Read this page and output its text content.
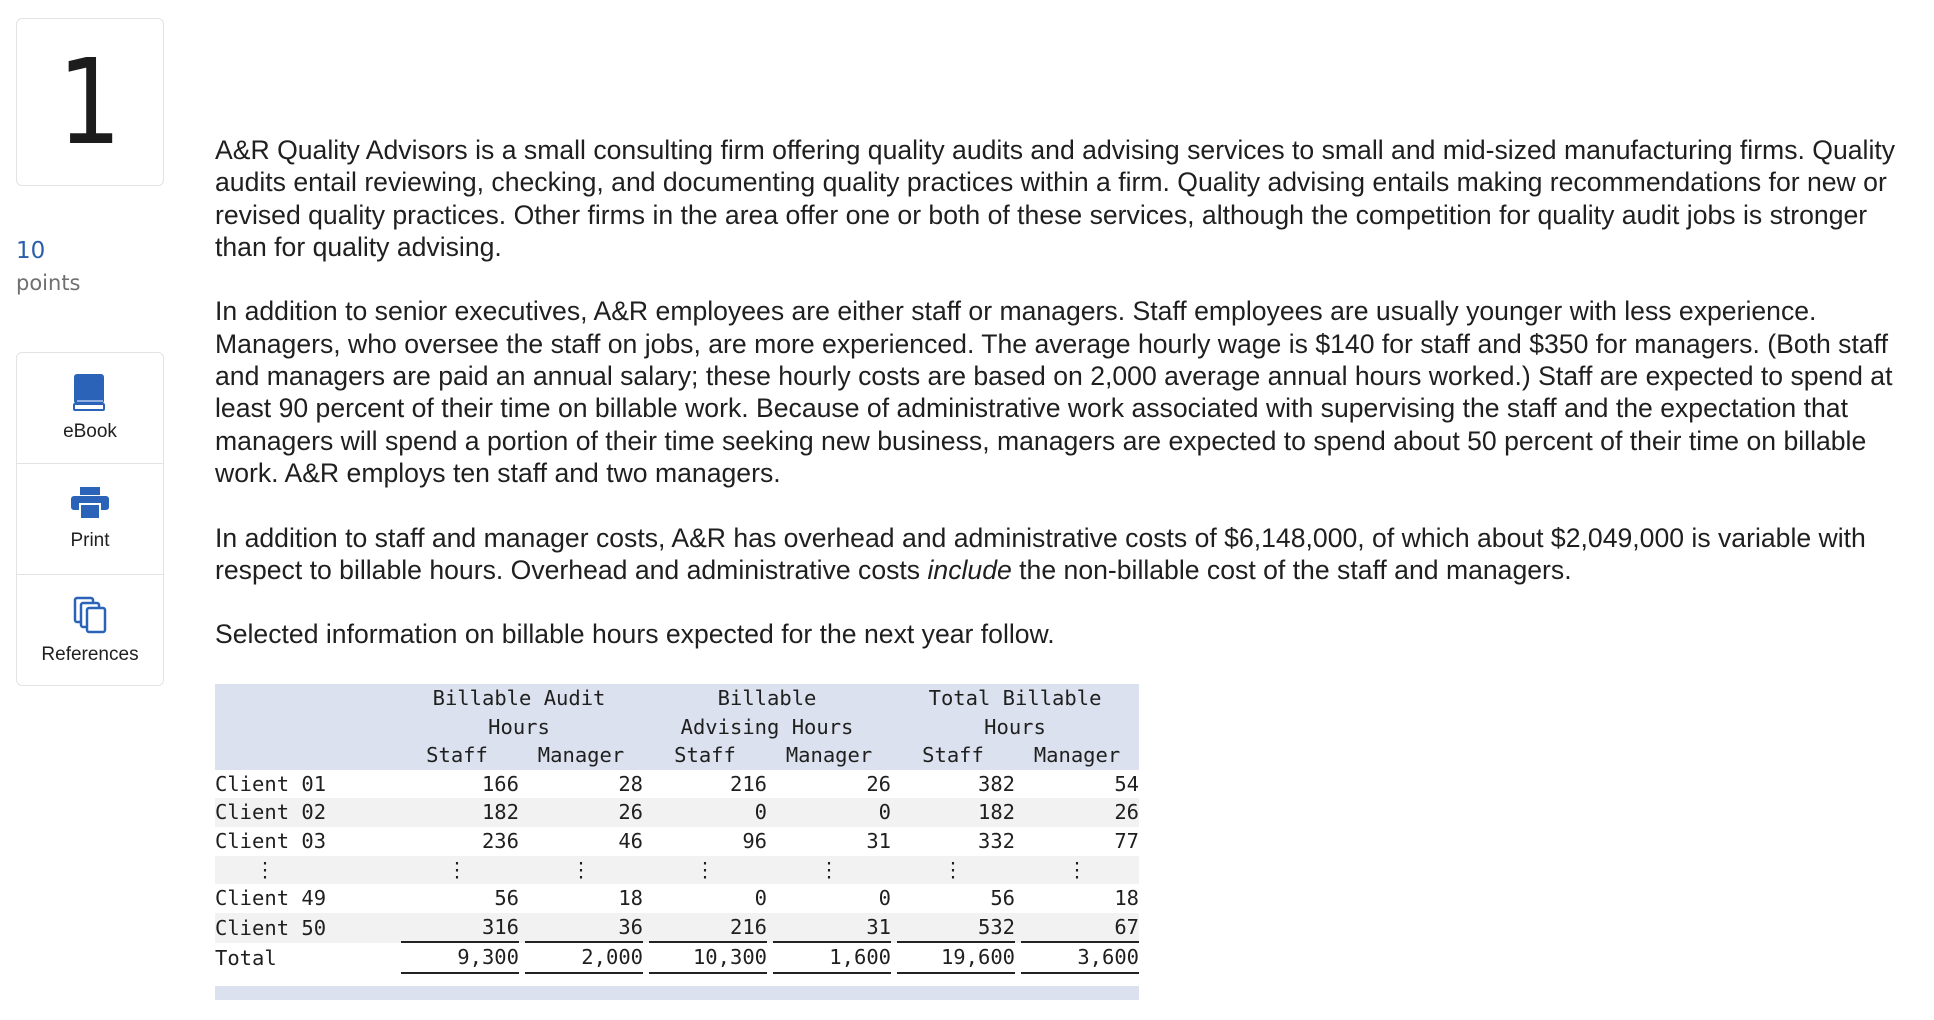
1
10
points
eBook
Print
References

A&R Quality Advisors is a small consulting firm offering quality audits and advising services to small and mid-sized manufacturing firms. Quality audits entail reviewing, checking, and documenting quality practices within a firm. Quality advising entails making recommendations for new or revised quality practices. Other firms in the area offer one or both of these services, although the competition for quality audit jobs is stronger than for quality advising.

In addition to senior executives, A&R employees are either staff or managers. Staff employees are usually younger with less experience. Managers, who oversee the staff on jobs, are more experienced. The average hourly wage is $140 for staff and $350 for managers. (Both staff and managers are paid an annual salary; these hourly costs are based on 2,000 average annual hours worked.) Staff are expected to spend at least 90 percent of their time on billable work. Because of administrative work associated with supervising the staff and the expectation that managers will spend a portion of their time seeking new business, managers are expected to spend about 50 percent of their time on billable work. A&R employs ten staff and two managers.

In addition to staff and manager costs, A&R has overhead and administrative costs of $6,148,000, of which about $2,049,000 is variable with respect to billable hours. Overhead and administrative costs include the non-billable cost of the staff and managers.

Selected information on billable hours expected for the next year follow.

	Billable Audit		Billable		Total Billable	
	Hours		Advising Hours		Hours	
	Staff	Manager	Staff	Manager	Staff	Manager
Client 01	166	28	216	26	382	54
Client 02	182	26	0	0	182	26
Client 03	236	46	96	31	332	77
⋮	⋮	⋮	⋮	⋮	⋮	⋮
Client 49	56	18	0	0	56	18
Client 50	316	36	216	31	532	67

Total	9,300	2,000	10,300	1,600	19,600	3,600
